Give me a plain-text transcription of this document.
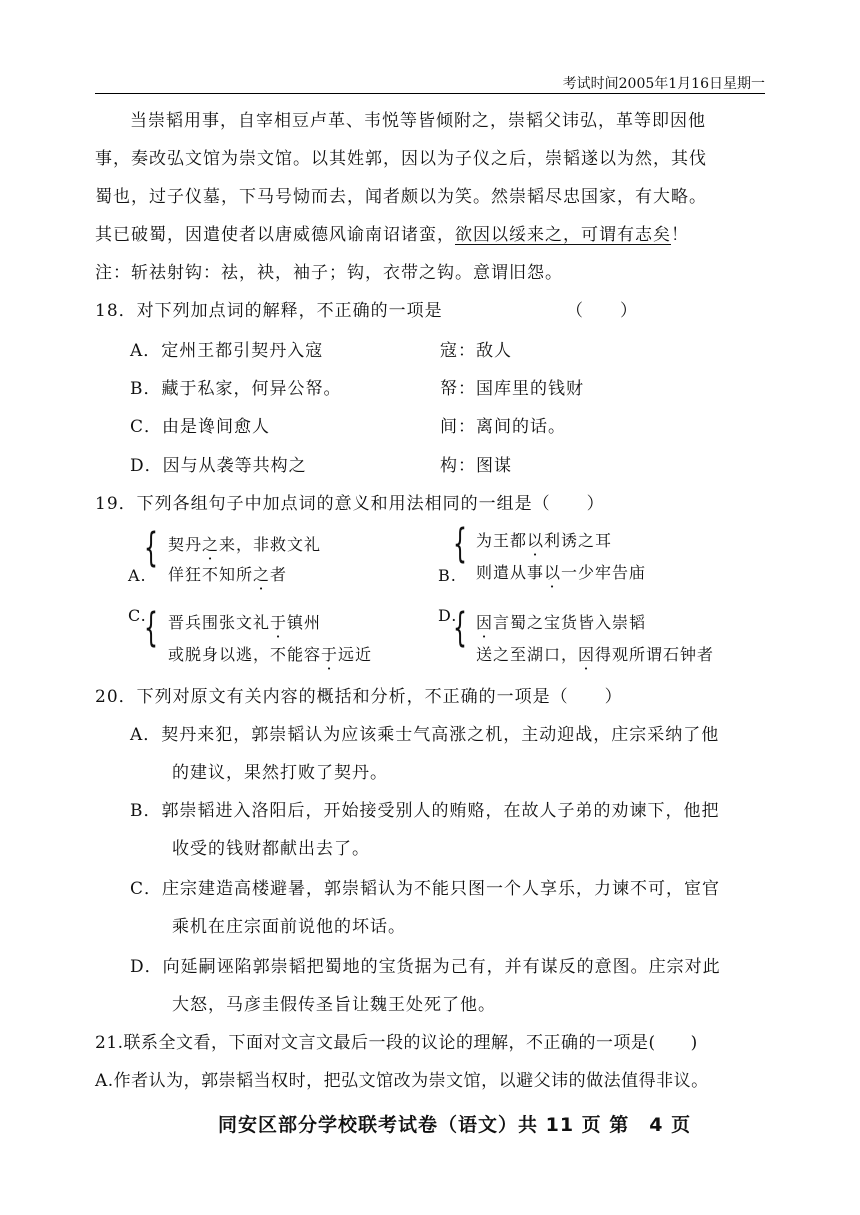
考试时间2005年1月16日星期一
当崇韬用事，自宰相豆卢革、韦悦等皆倾附之，崇韬父讳弘，革等即因他
事，奏改弘文馆为崇文馆。以其姓郭，因以为子仪之后，崇韬遂以为然，其伐
蜀也，过子仪墓，下马号恸而去，闻者颇以为笑。然崇韬尽忠国家，有大略。
其已破蜀，因遣使者以唐威德风谕南诏诸蛮，欲因以绥来之，可谓有志矣！
注：斩祛射钩：祛，袂，袖子；钩，衣带之钩。意谓旧怨。
18．对下列加点词的解释，不正确的一项是	（　　）
A．定州王都引契丹入寇	寇：敌人
B．藏于私家，何异公帑。	帑：国库里的钱财
C．由是谗间愈人	间：离间的话。
D．因与从袭等共构之	构：图谋
19．下列各组句子中加点词的意义和用法相同的一组是（　　）
A.
{ 契丹之来，非救文礼
佯狂不知所之者	B.
{ 为王都以利诱之耳
则遣从事以一少牢告庙
C.
{ 晋兵围张文礼于镇州
或脱身以逃，不能容于远近
D.
{ 因言蜀之宝货皆入崇韬
送之至湖口，因得观所谓石钟者
20．下列对原文有关内容的概括和分析，不正确的一项是（　　）
A．契丹来犯，郭崇韬认为应该乘士气高涨之机，主动迎战，庄宗采纳了他
的建议，果然打败了契丹。
B．郭崇韬进入洛阳后，开始接受别人的贿赂，在故人子弟的劝谏下，他把
收受的钱财都献出去了。
C．庄宗建造高楼避暑，郭崇韬认为不能只图一个人享乐，力谏不可，宦官
乘机在庄宗面前说他的坏话。
D．向延嗣诬陷郭崇韬把蜀地的宝货据为己有，并有谋反的意图。庄宗对此
大怒，马彦圭假传圣旨让魏王处死了他。
21.联系全文看，下面对文言文最后一段的议论的理解，不正确的一项是(　　)
A.作者认为，郭崇韬当权时，把弘文馆改为崇文馆，以避父讳的做法值得非议。
同安区部分学校联考试卷（语文）共 11 页 第　4 页
